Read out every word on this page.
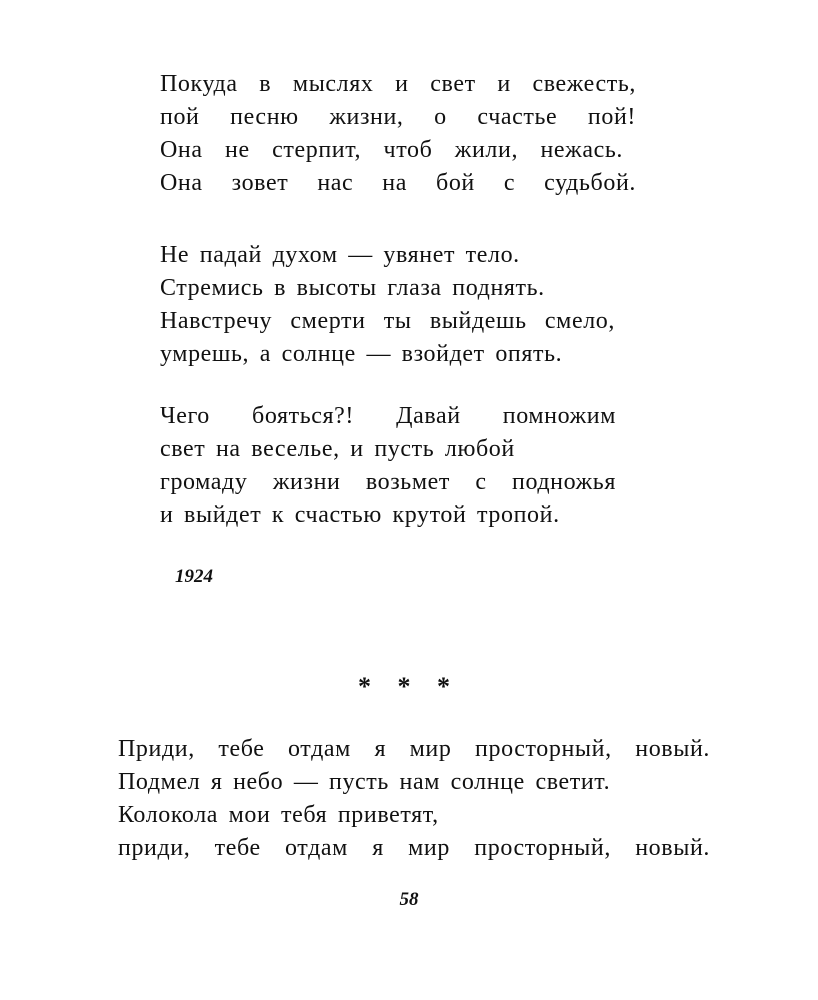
Покуда в мыслях и свет и свежесть,
пой песню жизни, о счастье пой!
Она не стерпит, чтоб жили, нежась.
Она зовет нас на бой с судьбой.
Не падай духом — увянет тело.
Стремись в высоты глаза поднять.
Навстречу смерти ты выйдешь смело,
умрешь, а солнце — взойдет опять.
Чего бояться?! Давай помножим
свет на веселье, и пусть любой
громаду жизни возьмет с подножья
и выйдет к счастью крутой тропой.
1924
* * *
Приди, тебе отдам я мир просторный, новый.
Подмел я небо — пусть нам солнце светит.
Колокола мои тебя приветят,
приди, тебе отдам я мир просторный, новый.
58
